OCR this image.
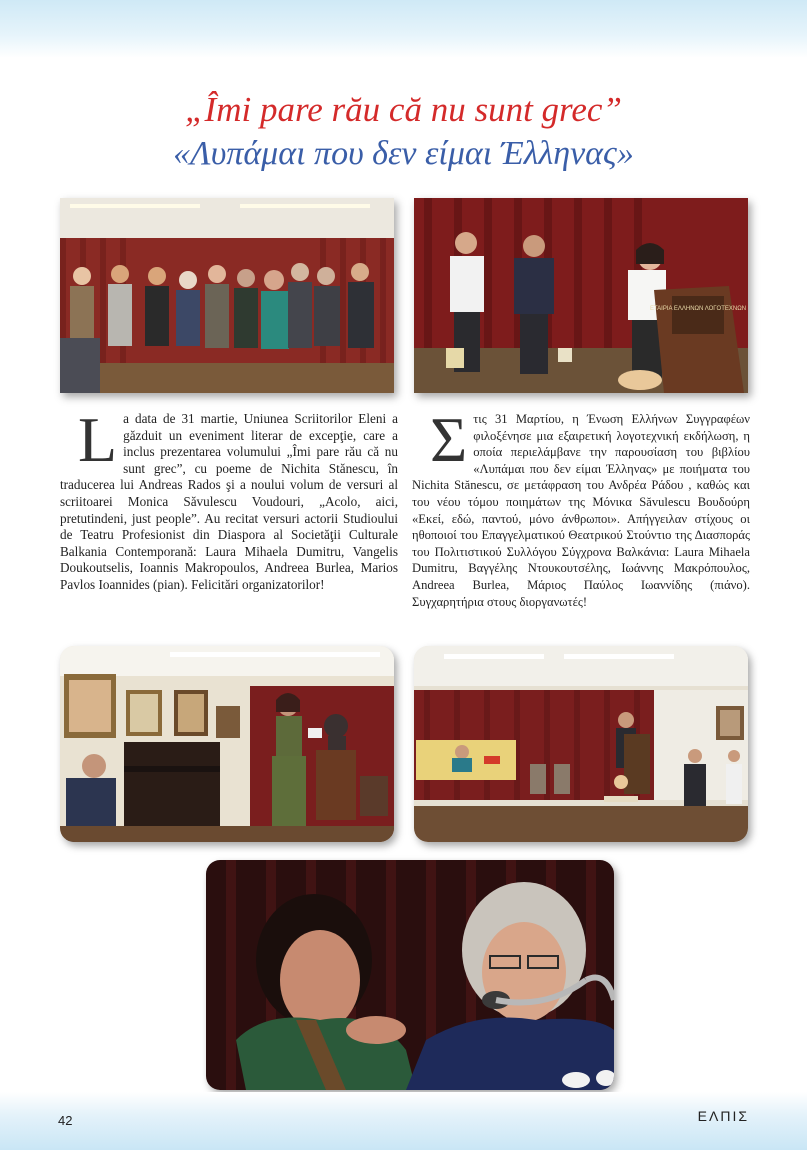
„Îmi pare rău că nu sunt grec”
«Λυπάμαι που δεν είμαι Έλληνας»
ΕΤΑΙΡΙΑ ΕΛΛΗΝΩΝ ΛΟΓΟΤΕΧΝΩΝ
La data de 31 martie, Uniunea Scriitorilor Eleni a găzduit un eveniment literar de excepţie, care a inclus prezentarea volumului „Îmi pare rău că nu sunt grec”, cu poeme de Nichita Stănescu, în traducerea lui Andreas Rados şi a noului volum de versuri al scriitoarei Monica Săvulescu Voudouri, „Acolo, aici, pretutindeni, just people”. Au recitat versuri actorii Studioului de Teatru Profesionist din Diaspora al Societăţii Culturale Balkania Contemporană: Laura Mihaela Dumitru, Vangelis Doukoutselis, Ioannis Makropoulos, Andreea Burlea, Marios Pavlos Ioannides (pian). Felicitări organizatorilor!
Στις 31 Μαρτίου, η Ένωση Ελλήνων Συγγραφέων φιλοξένησε μια εξαιρετική λογοτεχνική εκδήλωση, η οποία περιελάμβανε την παρουσίαση του βιβλίου «Λυπάμαι που δεν είμαι Έλληνας» με ποιήματα του Nichita Stănescu, σε μετάφραση του Ανδρέα Ράδου , καθώς και του νέου τόμου ποιημάτων της Μόνικα Săvulescu Βουδούρη «Εκεί, εδώ, παντού, μόνο άνθρωποι». Απήγγειλαν στίχους οι ηθοποιοί του Επαγγελματικού Θεατρικού Στούντιο της Διασποράς του Πολιτιστικού Συλλόγου Σύγχρονα Βαλκάνια: Laura Mihaela Dumitru, Βαγγέλης Ντουκουτσέλης, Ιωάννης Μακρόπουλος, Andreea Burlea, Μάριος Παύλος Ιωαννίδης (πιάνο). Συγχαρητήρια στους διοργανωτές!
42	ΕΛΠΙΣ
